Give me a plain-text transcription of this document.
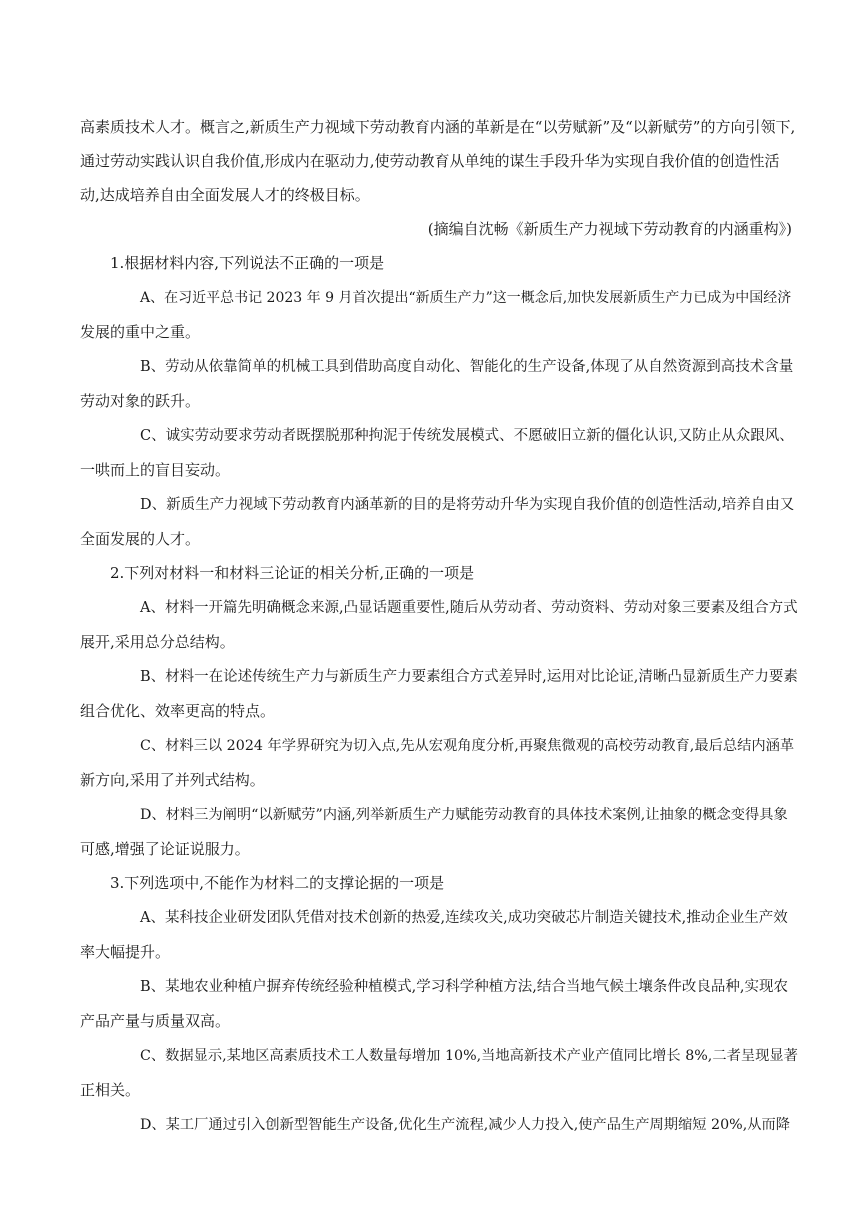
高素质技术人才。概言之,新质生产力视域下劳动教育内涵的革新是在“以劳赋新”及“以新赋劳”的方向引领下,

通过劳动实践认识自我价值,形成内在驱动力,使劳动教育从单纯的谋生手段升华为实现自我价值的创造性活

动,达成培养自由全面发展人才的终极目标。

(摘编自沈畅《新质生产力视域下劳动教育的内涵重构》)

1.根据材料内容,下列说法不正确的一项是

A、在习近平总书记 2023 年 9 月首次提出“新质生产力”这一概念后,加快发展新质生产力已成为中国经济
发展的重中之重。

B、劳动从依靠简单的机械工具到借助高度自动化、智能化的生产设备,体现了从自然资源到高技术含量
劳动对象的跃升。

C、诚实劳动要求劳动者既摆脱那种拘泥于传统发展模式、不愿破旧立新的僵化认识,又防止从众跟风、
一哄而上的盲目妄动。

D、新质生产力视域下劳动教育内涵革新的目的是将劳动升华为实现自我价值的创造性活动,培养自由又
全面发展的人才。

2.下列对材料一和材料三论证的相关分析,正确的一项是

A、材料一开篇先明确概念来源,凸显话题重要性,随后从劳动者、劳动资料、劳动对象三要素及组合方式
展开,采用总分总结构。

B、材料一在论述传统生产力与新质生产力要素组合方式差异时,运用对比论证,清晰凸显新质生产力要素
组合优化、效率更高的特点。

C、材料三以 2024 年学界研究为切入点,先从宏观角度分析,再聚焦微观的高校劳动教育,最后总结内涵革
新方向,采用了并列式结构。

D、材料三为阐明“以新赋劳”内涵,列举新质生产力赋能劳动教育的具体技术案例,让抽象的概念变得具象
可感,增强了论证说服力。

3.下列选项中,不能作为材料二的支撑论据的一项是

A、某科技企业研发团队凭借对技术创新的热爱,连续攻关,成功突破芯片制造关键技术,推动企业生产效
率大幅提升。

B、某地农业种植户摒弃传统经验种植模式,学习科学种植方法,结合当地气候土壤条件改良品种,实现农
产品产量与质量双高。

C、数据显示,某地区高素质技术工人数量每增加 10%,当地高新技术产业产值同比增长 8%,二者呈现显著
正相关。

D、某工厂通过引入创新型智能生产设备,优化生产流程,减少人力投入,使产品生产周期缩短 20%,从而降
